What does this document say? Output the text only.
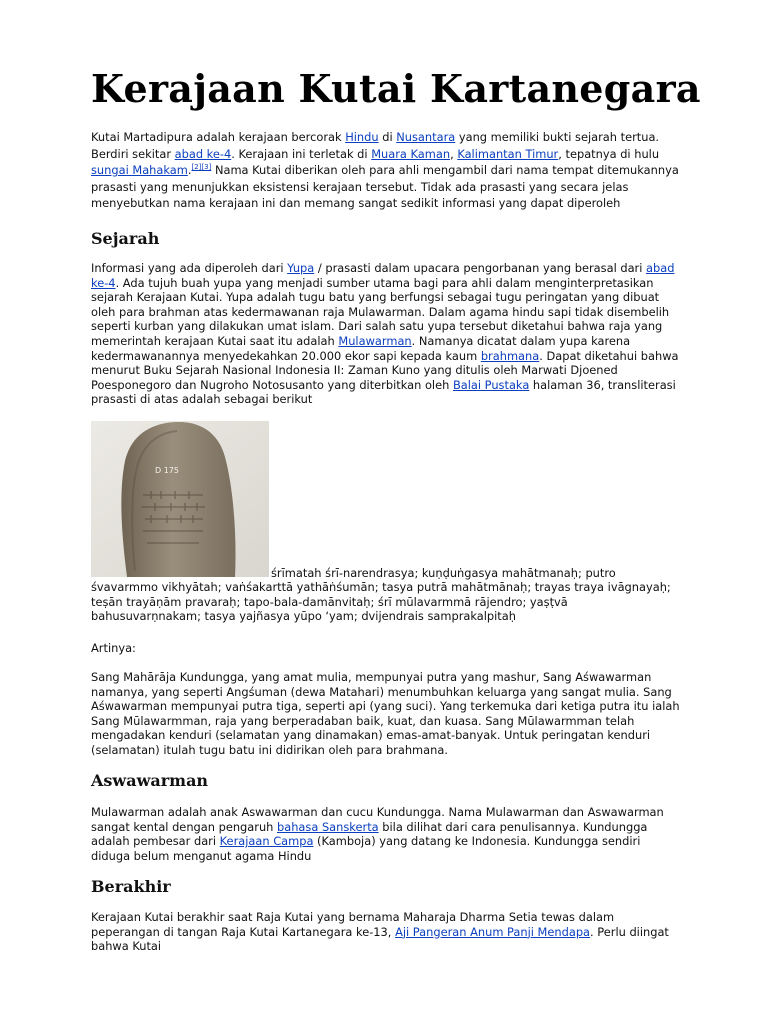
Kerajaan Kutai Kartanegara

Kutai Martadipura adalah kerajaan bercorak Hindu di Nusantara yang memiliki bukti sejarah tertua. Berdiri sekitar abad ke-4. Kerajaan ini terletak di Muara Kaman, Kalimantan Timur, tepatnya di hulu sungai Mahakam.[2][3] Nama Kutai diberikan oleh para ahli mengambil dari nama tempat ditemukannya prasasti yang menunjukkan eksistensi kerajaan tersebut. Tidak ada prasasti yang secara jelas menyebutkan nama kerajaan ini dan memang sangat sedikit informasi yang dapat diperoleh

Sejarah

Informasi yang ada diperoleh dari Yupa / prasasti dalam upacara pengorbanan yang berasal dari abad ke-4. Ada tujuh buah yupa yang menjadi sumber utama bagi para ahli dalam menginterpretasikan sejarah Kerajaan Kutai. Yupa adalah tugu batu yang berfungsi sebagai tugu peringatan yang dibuat oleh para brahman atas kedermawanan raja Mulawarman. Dalam agama hindu sapi tidak disembelih seperti kurban yang dilakukan umat islam. Dari salah satu yupa tersebut diketahui bahwa raja yang memerintah kerajaan Kutai saat itu adalah Mulawarman. Namanya dicatat dalam yupa karena kedermawanannya menyedekahkan 20.000 ekor sapi kepada kaum brahmana. Dapat diketahui bahwa menurut Buku Sejarah Nasional Indonesia II: Zaman Kuno yang ditulis oleh Marwati Djoened Poesponegoro dan Nugroho Notosusanto yang diterbitkan oleh Balai Pustaka halaman 36, transliterasi prasasti di atas adalah sebagai berikut

D 175
śrīmatah śrī-narendrasya; kuṇḍuṅgasya mahātmanaḥ; putro

śvavarmmo vikhyātah; vaṅśakarttā yathāṅśumān; tasya putrā mahātmānaḥ; trayas traya ivāgnayaḥ; teṣān trayāṇām pravaraḥ; tapo-bala-damānvitaḥ; śrī mūlavarmmā rājendro; yaṣṭvā bahusuvarṇnakam; tasya yajñasya yūpo ‘yam; dvijendrais samprakalpitaḥ

Artinya:

Sang Mahārāja Kundungga, yang amat mulia, mempunyai putra yang mashur, Sang Aśwawarman namanya, yang seperti Angśuman (dewa Matahari) menumbuhkan keluarga yang sangat mulia. Sang Aśwawarman mempunyai putra tiga, seperti api (yang suci). Yang terkemuka dari ketiga putra itu ialah Sang Mūlawarmman, raja yang berperadaban baik, kuat, dan kuasa. Sang Mūlawarmman telah mengadakan kenduri (selamatan yang dinamakan) emas-amat-banyak. Untuk peringatan kenduri (selamatan) itulah tugu batu ini didirikan oleh para brahmana.

Aswawarman

Mulawarman adalah anak Aswawarman dan cucu Kundungga. Nama Mulawarman dan Aswawarman sangat kental dengan pengaruh bahasa Sanskerta bila dilihat dari cara penulisannya. Kundungga adalah pembesar dari Kerajaan Campa (Kamboja) yang datang ke Indonesia. Kundungga sendiri diduga belum menganut agama Hindu

Berakhir

Kerajaan Kutai berakhir saat Raja Kutai yang bernama Maharaja Dharma Setia tewas dalam peperangan di tangan Raja Kutai Kartanegara ke-13, Aji Pangeran Anum Panji Mendapa. Perlu diingat bahwa Kutai
